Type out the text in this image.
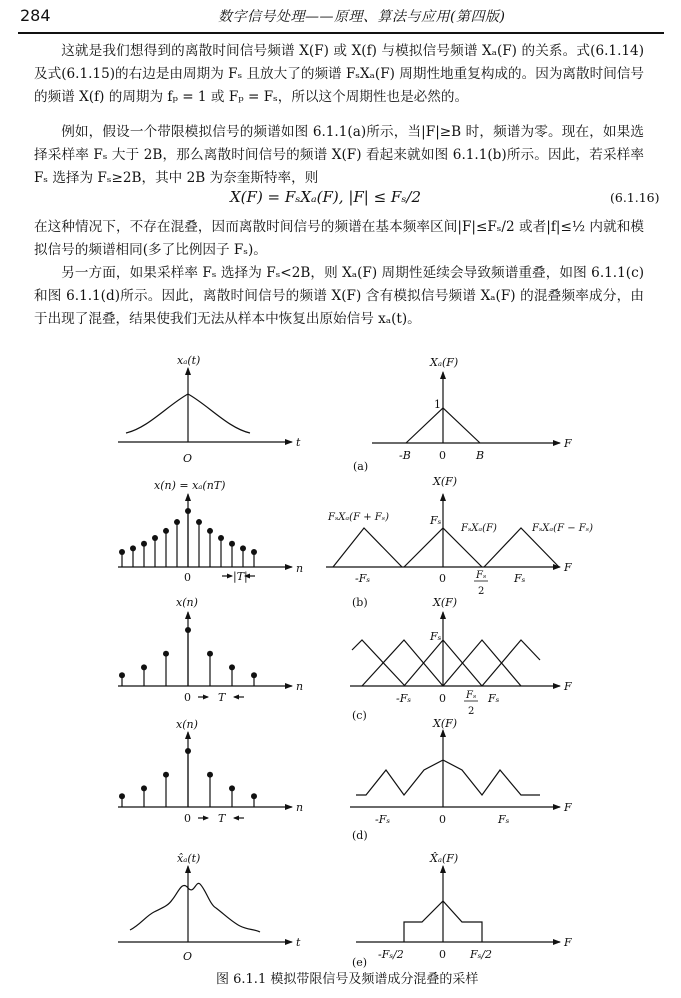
284	数字信号处理——原理、算法与应用(第四版)

这就是我们想得到的离散时间信号频谱 X(F) 或 X(f) 与模拟信号频谱 Xₐ(F) 的关系。式(6.1.14)及式(6.1.15)的右边是由周期为 Fₛ 且放大了的频谱 FₛXₐ(F) 周期性地重复构成的。因为离散时间信号的频谱 X(f) 的周期为 fₚ = 1 或 Fₚ = Fₛ，所以这个周期性也是必然的。

例如，假设一个带限模拟信号的频谱如图 6.1.1(a)所示，当|F|≥B 时，频谱为零。现在，如果选择采样率 Fₛ 大于 2B，那么离散时间信号的频谱 X(F) 看起来就如图 6.1.1(b)所示。因此，若采样率 Fₛ 选择为 Fₛ≥2B，其中 2B 为奈奎斯特率，则

X(F) = FₛXₐ(F), |F| ≤ Fₛ/2	(6.1.16)

在这种情况下，不存在混叠，因而离散时间信号的频谱在基本频率区间|F|≤Fₛ/2 或者|f|≤½ 内就和模拟信号的频谱相同(多了比例因子 Fₛ)。

另一方面，如果采样率 Fₛ 选择为 Fₛ<2B，则 Xₐ(F) 周期性延续会导致频谱重叠，如图 6.1.1(c)和图 6.1.1(d)所示。因此，离散时间信号的频谱 X(F) 含有模拟信号频谱 Xₐ(F) 的混叠频率成分，由于出现了混叠，结果使我们无法从样本中恢复出原始信号 xₐ(t)。

xₐ(t)
t
O
Xₐ(F)
1
-B	0	B
F
(a)
x(n) = xₐ(nT)
n
0	|T|
X(F)
FₛXₐ(F + Fₛ)
FₛXₐ(F)	FₛXₐ(F − Fₛ)
Fₛ
-Fₛ	0	Fₛ
2
Fₛ
F
(b)
x(n)
n
0 T
X(F)
Fₛ
-Fₛ	0 Fₛ
2
Fₛ
F
(c)
x(n)
n
0 T
X(F)
-Fₛ	0	Fₛ
F
(d)
x̂ₐ(t)
t
O
X̂ₐ(F)
-Fₛ/2	0 Fₛ/2
F
(e)
图 6.1.1 模拟带限信号及频谱成分混叠的采样
